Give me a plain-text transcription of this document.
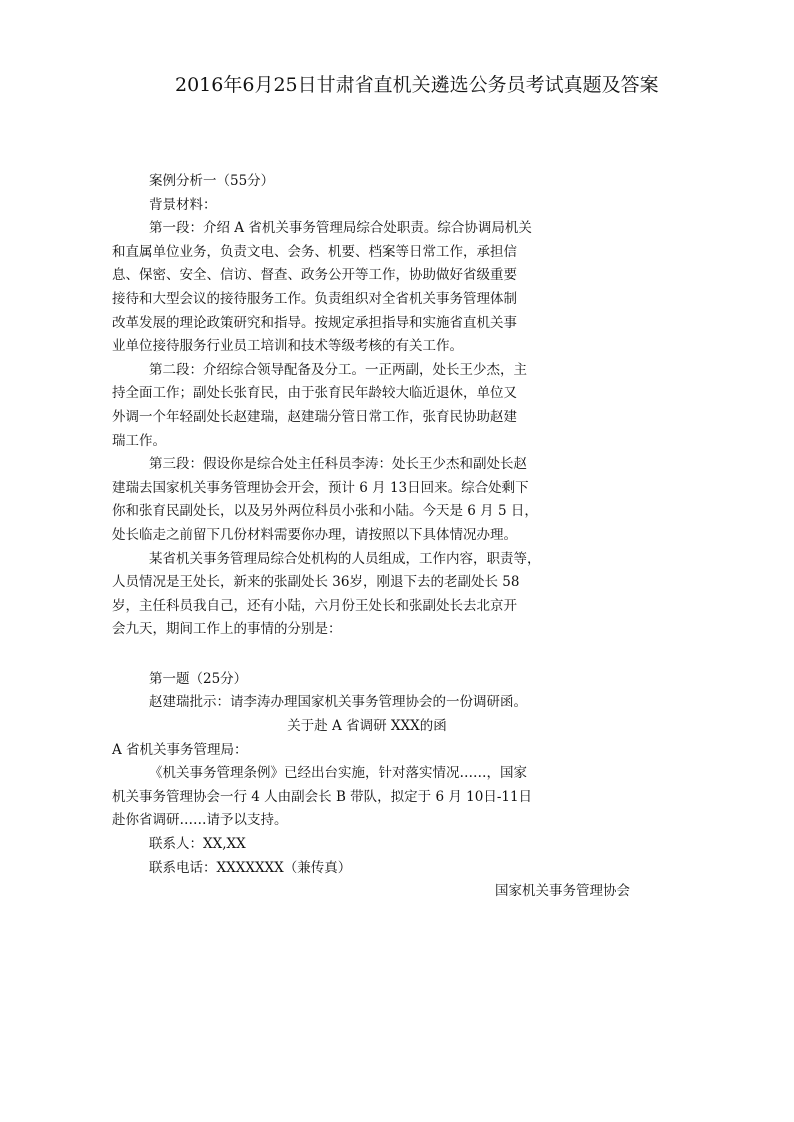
2016年6月25日甘肃省直机关遴选公务员考试真题及答案
案例分析一（55分）
背景材料：
第一段：介绍 A 省机关事务管理局综合处职责。综合协调局机关
和直属单位业务，负责文电、会务、机要、档案等日常工作，承担信
息、保密、安全、信访、督查、政务公开等工作，协助做好省级重要
接待和大型会议的接待服务工作。负责组织对全省机关事务管理体制
改革发展的理论政策研究和指导。按规定承担指导和实施省直机关事
业单位接待服务行业员工培训和技术等级考核的有关工作。
第二段：介绍综合领导配备及分工。一正两副，处长王少杰，主
持全面工作；副处长张育民，由于张育民年龄较大临近退休，单位又
外调一个年轻副处长赵建瑞，赵建瑞分管日常工作，张育民协助赵建
瑞工作。
第三段：假设你是综合处主任科员李涛：处长王少杰和副处长赵
建瑞去国家机关事务管理协会开会，预计 6 月 13日回来。综合处剩下
你和张育民副处长，以及另外两位科员小张和小陆。今天是 6 月 5 日，
处长临走之前留下几份材料需要你办理，请按照以下具体情况办理。
某省机关事务管理局综合处机构的人员组成，工作内容，职责等，
人员情况是王处长，新来的张副处长 36岁，刚退下去的老副处长 58
岁，主任科员我自己，还有小陆，六月份王处长和张副处长去北京开
会九天，期间工作上的事情的分别是：
第一题（25分）
赵建瑞批示：请李涛办理国家机关事务管理协会的一份调研函。
关于赴 A 省调研 XXX的函
A 省机关事务管理局：
《机关事务管理条例》已经出台实施，针对落实情况……，国家
机关事务管理协会一行 4 人由副会长 B 带队，拟定于 6 月 10日-11日
赴你省调研……请予以支持。
联系人：XX,XX
联系电话：XXXXXXX（兼传真）
国家机关事务管理协会
